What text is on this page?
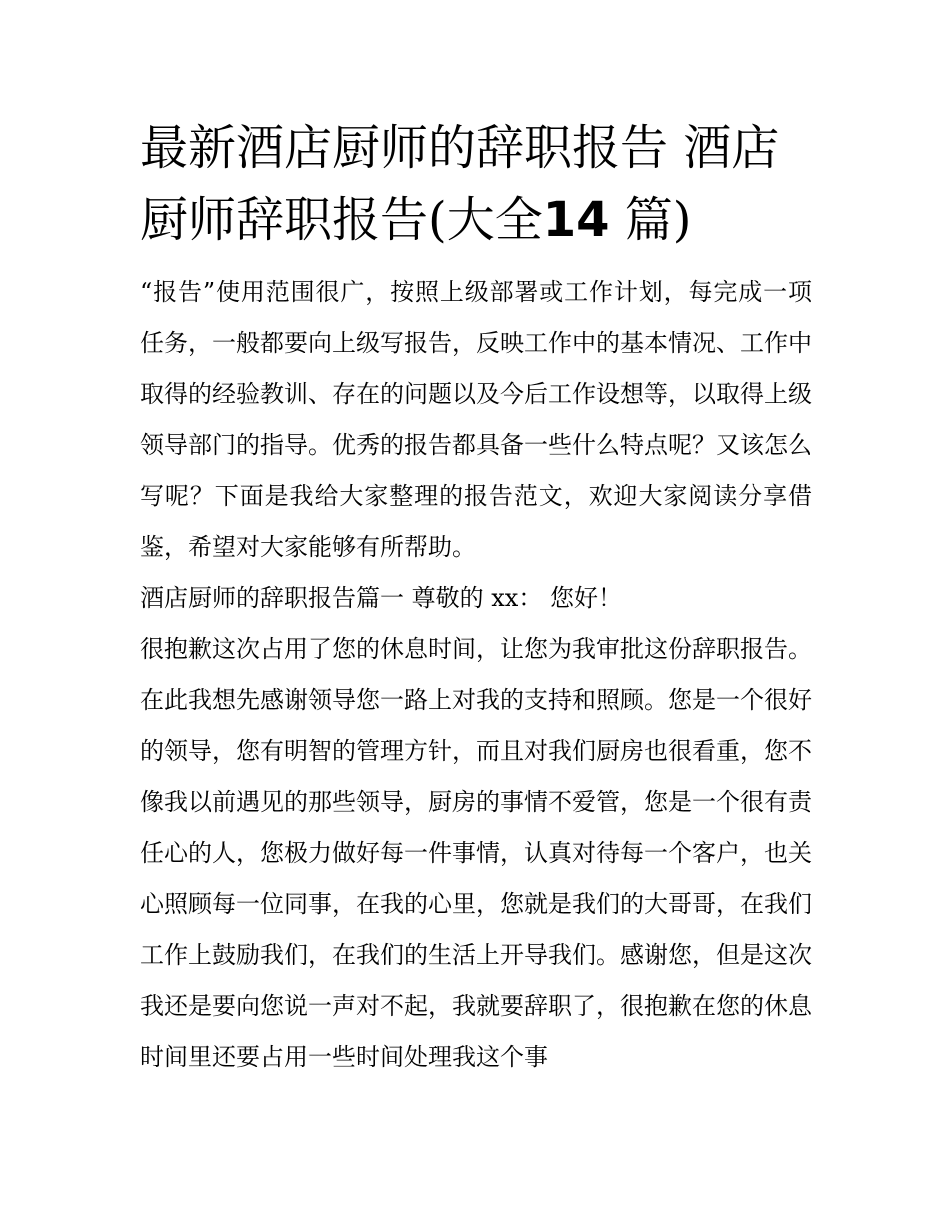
最新酒店厨师的辞职报告 酒店厨师辞职报告(大全14 篇)

“报告”使用范围很广，按照上级部署或工作计划，每完成一项任务，一般都要向上级写报告，反映工作中的基本情况、工作中取得的经验教训、存在的问题以及今后工作设想等，以取得上级领导部门的指导。优秀的报告都具备一些什么特点呢？又该怎么写呢？下面是我给大家整理的报告范文，欢迎大家阅读分享借鉴，希望对大家能够有所帮助。

酒店厨师的辞职报告篇一 尊敬的 xx： 您好！

很抱歉这次占用了您的休息时间，让您为我审批这份辞职报告。在此我想先感谢领导您一路上对我的支持和照顾。您是一个很好的领导，您有明智的管理方针，而且对我们厨房也很看重，您不像我以前遇见的那些领导，厨房的事情不爱管，您是一个很有责任心的人，您极力做好每一件事情，认真对待每一个客户，也关心照顾每一位同事，在我的心里，您就是我们的大哥哥，在我们工作上鼓励我们，在我们的生活上开导我们。感谢您，但是这次我还是要向您说一声对不起，我就要辞职了，很抱歉在您的休息时间里还要占用一些时间处理我这个事
